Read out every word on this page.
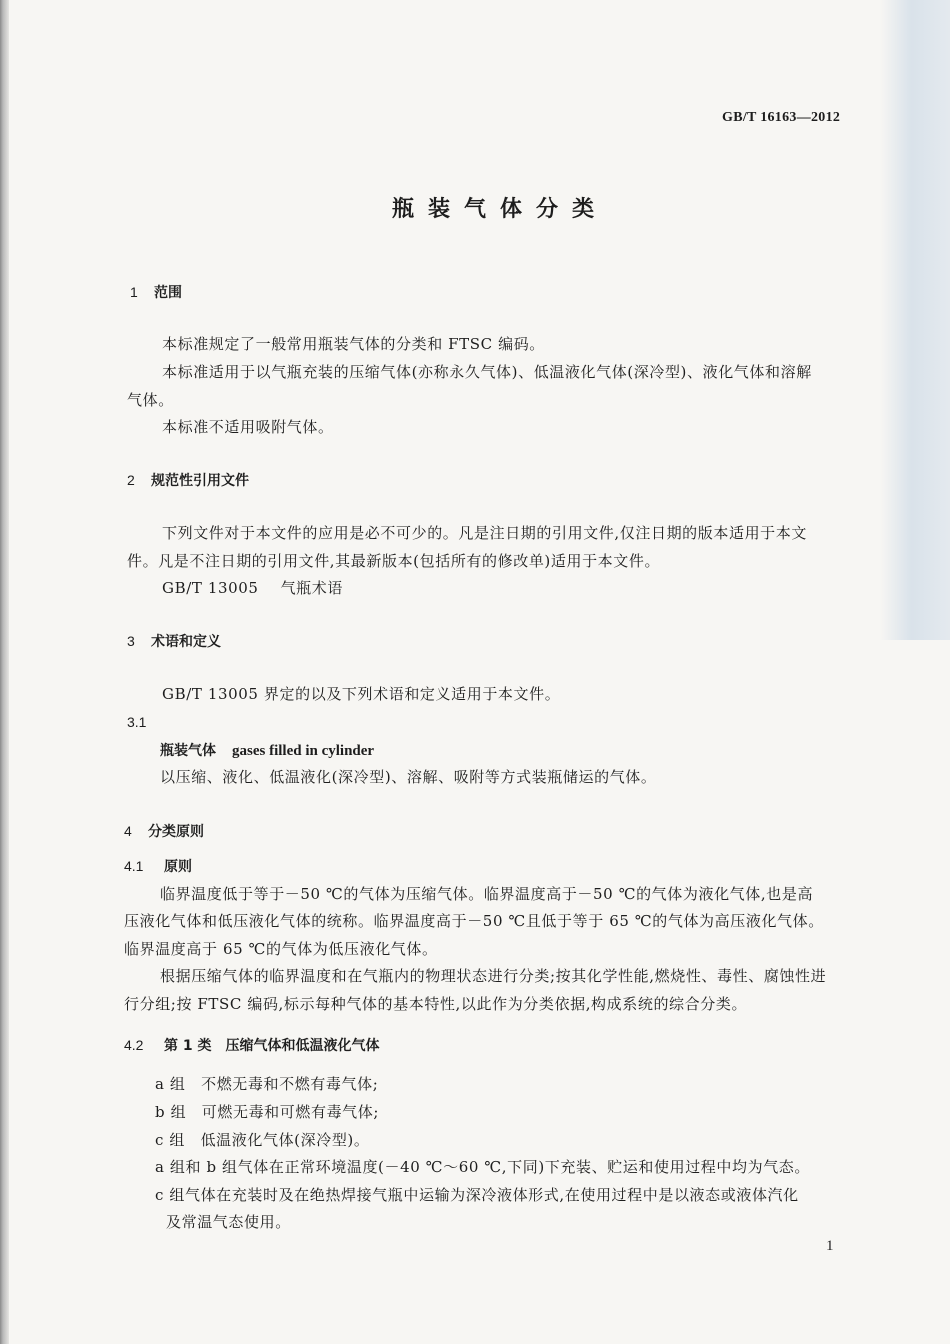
GB/T 16163—2012
瓶装气体分类
1 范围
本标准规定了一般常用瓶装气体的分类和 FTSC 编码。
本标准适用于以气瓶充装的压缩气体(亦称永久气体)、低温液化气体(深冷型)、液化气体和溶解
气体。
本标准不适用吸附气体。
2 规范性引用文件
下列文件对于本文件的应用是必不可少的。凡是注日期的引用文件,仅注日期的版本适用于本文
件。凡是不注日期的引用文件,其最新版本(包括所有的修改单)适用于本文件。
GB/T 13005 气瓶术语
3 术语和定义
GB/T 13005 界定的以及下列术语和定义适用于本文件。
3.1
瓶装气体 gases filled in cylinder
以压缩、液化、低温液化(深冷型)、溶解、吸附等方式装瓶储运的气体。
4 分类原则
4.1 原则
临界温度低于等于－50 ℃的气体为压缩气体。临界温度高于－50 ℃的气体为液化气体,也是高
压液化气体和低压液化气体的统称。临界温度高于－50 ℃且低于等于 65 ℃的气体为高压液化气体。
临界温度高于 65 ℃的气体为低压液化气体。
根据压缩气体的临界温度和在气瓶内的物理状态进行分类;按其化学性能,燃烧性、毒性、腐蚀性进
行分组;按 FTSC 编码,标示每种气体的基本特性,以此作为分类依据,构成系统的综合分类。
4.2 第 1 类　压缩气体和低温液化气体
a 组　不燃无毒和不燃有毒气体;
b 组　可燃无毒和可燃有毒气体;
c 组　低温液化气体(深冷型)。
a 组和 b 组气体在正常环境温度(－40 ℃～60 ℃,下同)下充装、贮运和使用过程中均为气态。
c 组气体在充装时及在绝热焊接气瓶中运输为深冷液体形式,在使用过程中是以液态或液体汽化
及常温气态使用。
1
